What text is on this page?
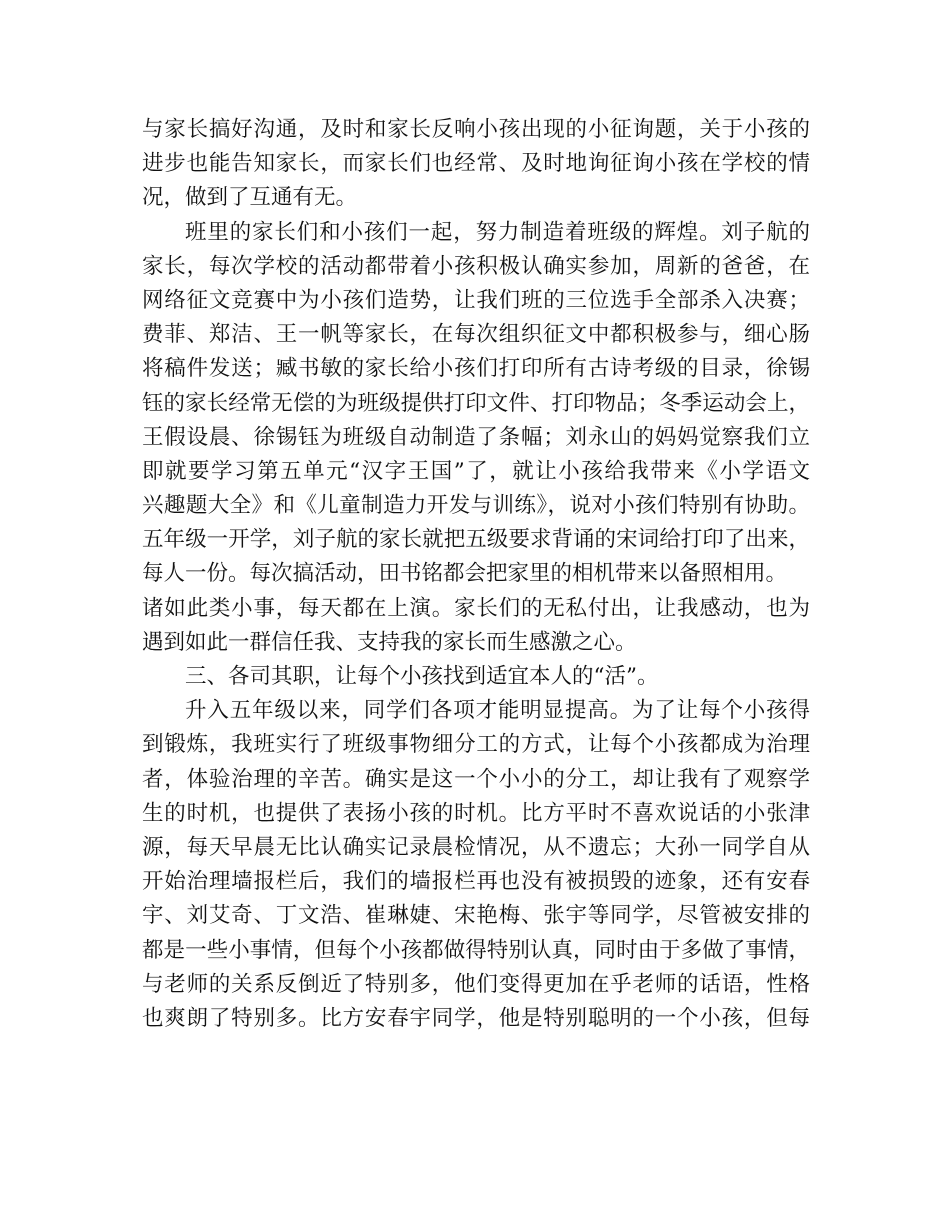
与家长搞好沟通，及时和家长反响小孩出现的小征询题，关于小孩的
进步也能告知家长，而家长们也经常、及时地询征询小孩在学校的情
况，做到了互通有无。
班里的家长们和小孩们一起，努力制造着班级的辉煌。刘子航的
家长，每次学校的活动都带着小孩积极认确实参加，周新的爸爸，在
网络征文竞赛中为小孩们造势，让我们班的三位选手全部杀入决赛；
费菲、郑洁、王一帆等家长，在每次组织征文中都积极参与，细心肠
将稿件发送；臧书敏的家长给小孩们打印所有古诗考级的目录，徐锡
钰的家长经常无偿的为班级提供打印文件、打印物品；冬季运动会上，
王假设晨、徐锡钰为班级自动制造了条幅；刘永山的妈妈觉察我们立
即就要学习第五单元“汉字王国”了，就让小孩给我带来《小学语文
兴趣题大全》和《儿童制造力开发与训练》，说对小孩们特别有协助。
五年级一开学，刘子航的家长就把五级要求背诵的宋词给打印了出来，
每人一份。每次搞活动，田书铭都会把家里的相机带来以备照相用。
诸如此类小事，每天都在上演。家长们的无私付出，让我感动，也为
遇到如此一群信任我、支持我的家长而生感激之心。
三、各司其职，让每个小孩找到适宜本人的“活”。
升入五年级以来，同学们各项才能明显提高。为了让每个小孩得
到锻炼，我班实行了班级事物细分工的方式，让每个小孩都成为治理
者，体验治理的辛苦。确实是这一个小小的分工，却让我有了观察学
生的时机，也提供了表扬小孩的时机。比方平时不喜欢说话的小张津
源，每天早晨无比认确实记录晨检情况，从不遗忘；大孙一同学自从
开始治理墙报栏后，我们的墙报栏再也没有被损毁的迹象，还有安春
宇、刘艾奇、丁文浩、崔琳婕、宋艳梅、张宇等同学，尽管被安排的
都是一些小事情，但每个小孩都做得特别认真，同时由于多做了事情，
与老师的关系反倒近了特别多，他们变得更加在乎老师的话语，性格
也爽朗了特别多。比方安春宇同学，他是特别聪明的一个小孩，但每
